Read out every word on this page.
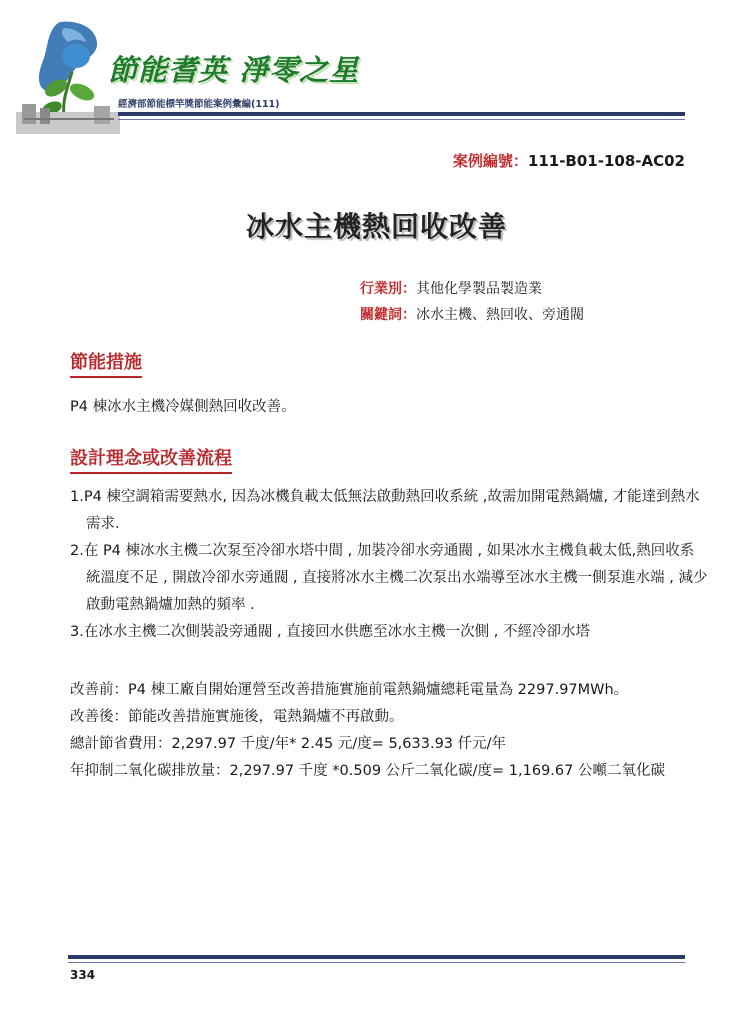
節能耆英 淨零之星
經濟部節能標竿獎節能案例彙編(111)
案例編號：111-B01-108-AC02
冰水主機熱回收改善
行業別：其他化學製品製造業
關鍵詞：冰水主機、熱回收、旁通閥
節能措施
P4 棟冰水主機冷媒側熱回收改善。
設計理念或改善流程
1.P4 棟空調箱需要熱水, 因為冰機負載太低無法啟動熱回收系統 ,故需加開電熱鍋爐, 才能達到熱水需求.
2.在 P4 棟冰水主機二次泵至冷卻水塔中間 , 加裝冷卻水旁通閥 , 如果冰水主機負載太低,熱回收系統溫度不足 , 開啟冷卻水旁通閥 , 直接將冰水主機二次泵出水端導至冰水主機一側泵進水端 , 減少啟動電熱鍋爐加熱的頻率 .
3.在冰水主機二次側裝設旁通閥 , 直接回水供應至冰水主機一次側 , 不經冷卻水塔
改善前：P4 棟工廠自開始運營至改善措施實施前電熱鍋爐總耗電量為 2297.97MWh。
改善後：節能改善措施實施後，電熱鍋爐不再啟動。
總計節省費用：2,297.97 千度/年* 2.45 元/度= 5,633.93 仟元/年
年抑制二氧化碳排放量：2,297.97 千度 *0.509 公斤二氧化碳/度= 1,169.67 公噸二氧化碳
334
